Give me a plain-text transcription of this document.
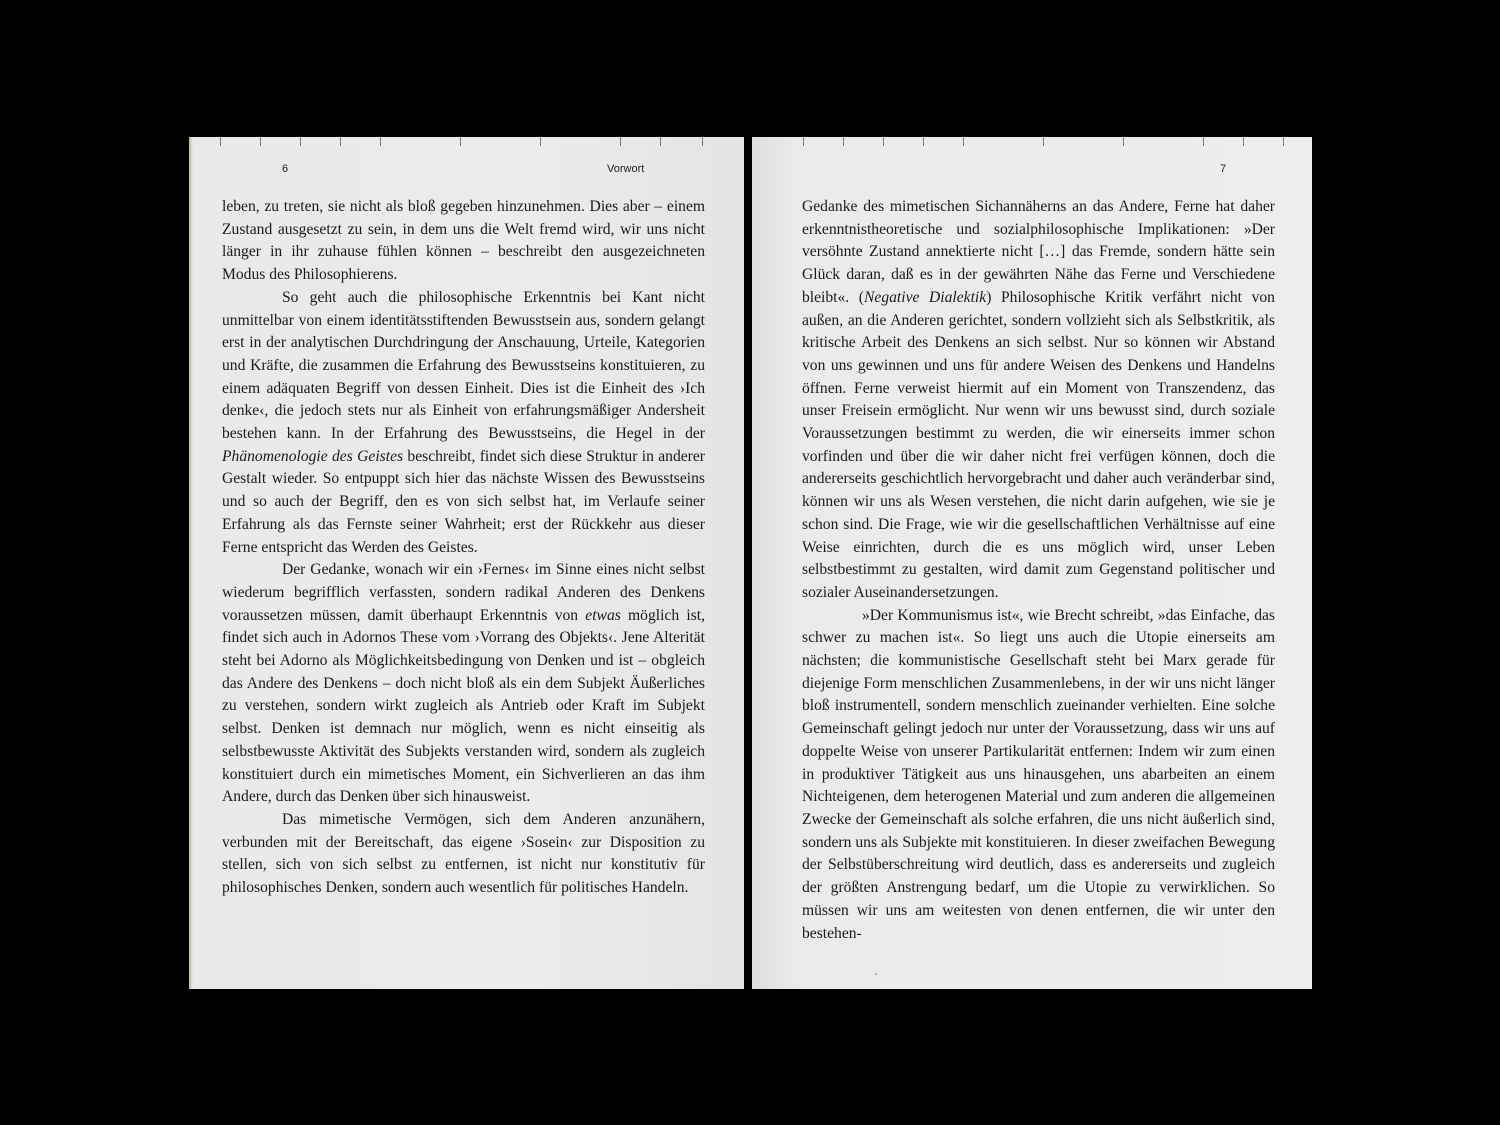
6	Vorwort

leben, zu treten, sie nicht als bloß gegeben hinzunehmen. Dies aber – einem Zustand ausgesetzt zu sein, in dem uns die Welt fremd wird, wir uns nicht länger in ihr zuhause fühlen können – beschreibt den ausgezeichneten Modus des Philosophierens.

So geht auch die philosophische Erkenntnis bei Kant nicht unmittelbar von einem identitätsstiftenden Bewusstsein aus, sondern gelangt erst in der analytischen Durchdringung der Anschauung, Urteile, Kategorien und Kräfte, die zusammen die Erfahrung des Bewusstseins konstituieren, zu einem adäquaten Begriff von dessen Einheit. Dies ist die Einheit des ›Ich denke‹, die jedoch stets nur als Einheit von erfahrungsmäßiger Andersheit bestehen kann. In der Erfahrung des Bewusstseins, die Hegel in der Phänomenologie des Geistes beschreibt, findet sich diese Struktur in anderer Gestalt wieder. So entpuppt sich hier das nächste Wissen des Bewusstseins und so auch der Begriff, den es von sich selbst hat, im Verlaufe seiner Erfahrung als das Fernste seiner Wahrheit; erst der Rückkehr aus dieser Ferne entspricht das Werden des Geistes.

Der Gedanke, wonach wir ein ›Fernes‹ im Sinne eines nicht selbst wiederum begrifflich verfassten, sondern radikal Anderen des Denkens voraussetzen müssen, damit überhaupt Erkenntnis von etwas möglich ist, findet sich auch in Adornos These vom ›Vorrang des Objekts‹. Jene Alterität steht bei Adorno als Möglichkeitsbedingung von Denken und ist – obgleich das Andere des Denkens – doch nicht bloß als ein dem Subjekt Äußerliches zu verstehen, sondern wirkt zugleich als Antrieb oder Kraft im Subjekt selbst. Denken ist demnach nur möglich, wenn es nicht einseitig als selbstbewusste Aktivität des Subjekts verstanden wird, sondern als zugleich konstituiert durch ein mimetisches Moment, ein Sichverlieren an das ihm Andere, durch das Denken über sich hinausweist.

Das mimetische Vermögen, sich dem Anderen anzunähern, verbunden mit der Bereitschaft, das eigene ›Sosein‹ zur Disposition zu stellen, sich von sich selbst zu entfernen, ist nicht nur konstitutiv für philosophisches Denken, sondern auch wesentlich für politisches Handeln.

7

Gedanke des mimetischen Sichannäherns an das Andere, Ferne hat daher erkenntnistheoretische und sozialphilosophische Implikationen: »Der versöhnte Zustand annektierte nicht […] das Fremde, sondern hätte sein Glück daran, daß es in der gewährten Nähe das Ferne und Verschiedene bleibt«. (Negative Dialektik) Philosophische Kritik verfährt nicht von außen, an die Anderen gerichtet, sondern vollzieht sich als Selbstkritik, als kritische Arbeit des Denkens an sich selbst. Nur so können wir Abstand von uns gewinnen und uns für andere Weisen des Denkens und Handelns öffnen. Ferne verweist hiermit auf ein Moment von Transzendenz, das unser Freisein ermöglicht. Nur wenn wir uns bewusst sind, durch soziale Voraussetzungen bestimmt zu werden, die wir einerseits immer schon vorfinden und über die wir daher nicht frei verfügen können, doch die andererseits geschichtlich hervorgebracht und daher auch veränderbar sind, können wir uns als Wesen verstehen, die nicht darin aufgehen, wie sie je schon sind. Die Frage, wie wir die gesellschaftlichen Verhältnisse auf eine Weise einrichten, durch die es uns möglich wird, unser Leben selbstbestimmt zu gestalten, wird damit zum Gegenstand politischer und sozialer Auseinandersetzungen.

»Der Kommunismus ist«, wie Brecht schreibt, »das Einfache, das schwer zu machen ist«. So liegt uns auch die Utopie einerseits am nächsten; die kommunistische Gesellschaft steht bei Marx gerade für diejenige Form menschlichen Zusammenlebens, in der wir uns nicht länger bloß instrumentell, sondern menschlich zueinander verhielten. Eine solche Gemeinschaft gelingt jedoch nur unter der Voraussetzung, dass wir uns auf doppelte Weise von unserer Partikularität entfernen: Indem wir zum einen in produktiver Tätigkeit aus uns hinausgehen, uns abarbeiten an einem Nichteigenen, dem heterogenen Material und zum anderen die allgemeinen Zwecke der Gemeinschaft als solche erfahren, die uns nicht äußerlich sind, sondern uns als Subjekte mit konstituieren. In dieser zweifachen Bewegung der Selbstüberschreitung wird deutlich, dass es andererseits und zugleich der größten Anstrengung bedarf, um die Utopie zu verwirklichen. So müssen wir uns am weitesten von denen entfernen, die wir unter den bestehen-
